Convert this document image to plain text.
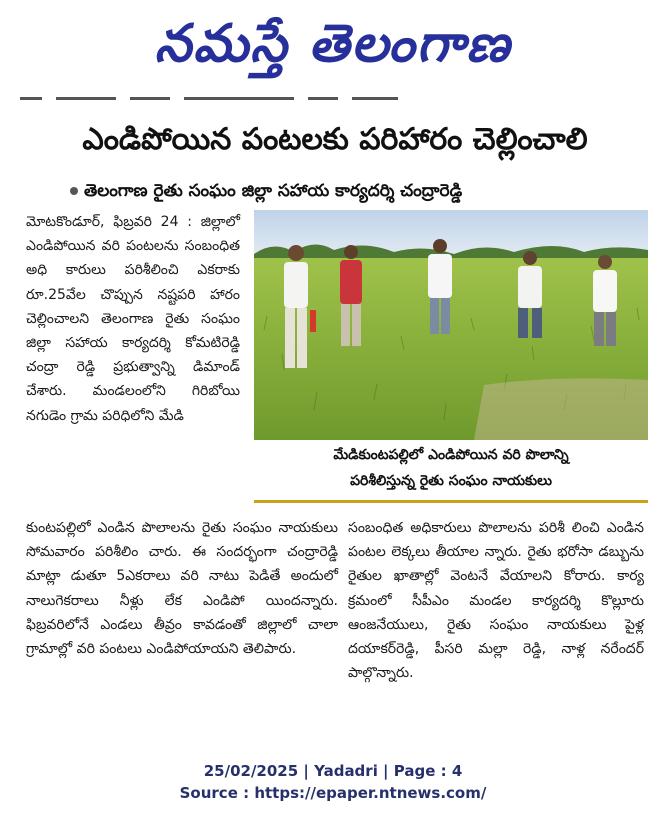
నమస్తే తెలంగాణ
ఎండిపోయిన పంటలకు పరిహారం చెల్లించాలి
తెలంగాణ రైతు సంఘం జిల్లా సహాయ కార్యదర్శి చంద్రారెడ్డి
మోటకొండూర్, ఫిబ్రవరి 24 : జిల్లాలో ఎండిపోయిన వరి పంటలను సంబంధిత అధి కారులు పరిశీలించి ఎకరాకు రూ.25వేల చొప్పున నష్టపరి హారం చెల్లించాలని తెలంగాణ రైతు సంఘం జిల్లా సహాయ కార్యదర్శి కోమటిరెడ్డి చంద్రా రెడ్డి ప్రభుత్వాన్ని డిమాండ్ చేశారు. మండలంలోని గిరిబోయి నగుడెం గ్రామ పరిధిలోని మేడి
మేడికుంటపల్లిలో ఎండిపోయిన వరి పొలాన్ని
పరిశీలిస్తున్న రైతు సంఘం నాయకులు
కుంటపల్లిలో ఎండిన పొలాలను రైతు సంఘం నాయకులు సోమవారం పరిశీలిం చారు. ఈ సందర్భంగా చంద్రారెడ్డి మాట్లా డుతూ 5ఎకరాలు వరి నాటు పెడితే అందులో నాలుగెకరాలు నీళ్లు లేక ఎండిపో యిందన్నారు. ఫిబ్రవరిలోనే ఎండలు తీవ్రం కావడంతో జిల్లాలో చాలా గ్రామాల్లో వరి పంటలు ఎండిపోయాయని తెలిపారు.
సంబంధిత అధికారులు పొలాలను పరిశీ లించి ఎండిన పంటల లెక్కలు తీయాల న్నారు. రైతు భరోసా డబ్బును రైతుల ఖాతాల్లో వెంటనే వేయాలని కోరారు. కార్య క్రమంలో సీపీఎం మండల కార్యదర్శి కొల్లూరు ఆంజనేయులు, రైతు సంఘం నాయకులు పైళ్ల దయాకర్‌రెడ్డి, పీసరి మల్లా రెడ్డి, నాళ్ల నరేందర్ పాల్గొన్నారు.
25/02/2025 | Yadadri | Page : 4
Source : https://epaper.ntnews.com/
